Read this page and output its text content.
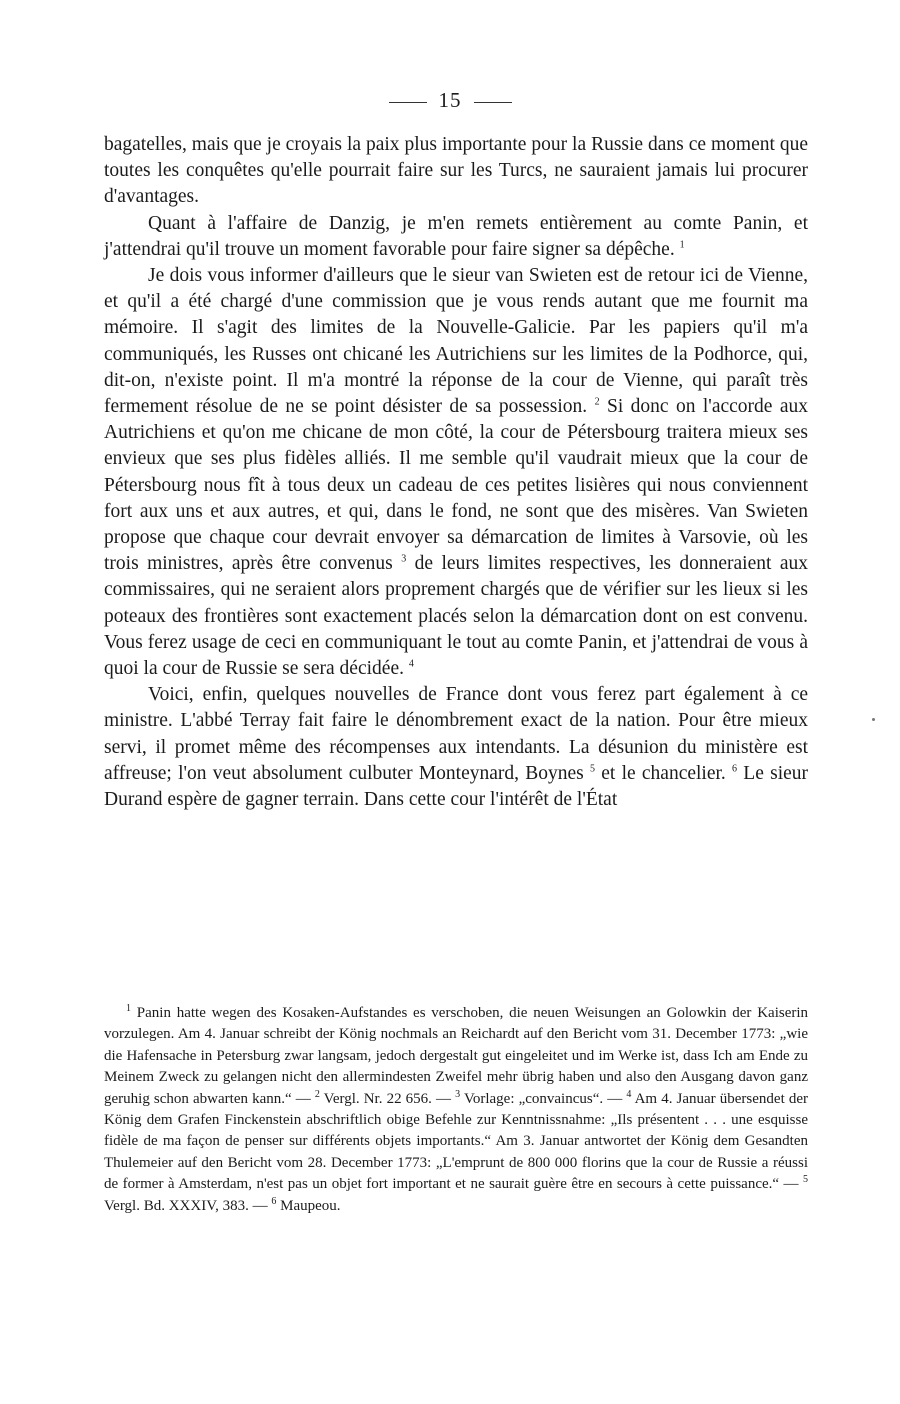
15

bagatelles, mais que je croyais la paix plus importante pour la Russie dans ce moment que toutes les conquêtes qu'elle pourrait faire sur les Turcs, ne sauraient jamais lui procurer d'avantages.

Quant à l'affaire de Danzig, je m'en remets entièrement au comte Panin, et j'attendrai qu'il trouve un moment favorable pour faire signer sa dépêche. $^1$

Je dois vous informer d'ailleurs que le sieur van Swieten est de retour ici de Vienne, et qu'il a été chargé d'une commission que je vous rends autant que me fournit ma mémoire. Il s'agit des limites de la Nouvelle-Galicie. Par les papiers qu'il m'a communiqués, les Russes ont chicané les Autrichiens sur les limites de la Podhorce, qui, dit-on, n'existe point. Il m'a montré la réponse de la cour de Vienne, qui paraît très fermement résolue de ne se point désister de sa possession. $^2$ Si donc on l'accorde aux Autrichiens et qu'on me chicane de mon côté, la cour de Pétersbourg traitera mieux ses envieux que ses plus fidèles alliés. Il me semble qu'il vaudrait mieux que la cour de Pétersbourg nous fît à tous deux un cadeau de ces petites lisières qui nous conviennent fort aux uns et aux autres, et qui, dans le fond, ne sont que des misères. Van Swieten propose que chaque cour devrait envoyer sa démarcation de limites à Varsovie, où les trois ministres, après être convenus $^3$ de leurs limites respectives, les donneraient aux commissaires, qui ne seraient alors proprement chargés que de vérifier sur les lieux si les poteaux des frontières sont exactement placés selon la démarcation dont on est convenu. Vous ferez usage de ceci en communiquant le tout au comte Panin, et j'attendrai de vous à quoi la cour de Russie se sera décidée. $^4$

Voici, enfin, quelques nouvelles de France dont vous ferez part également à ce ministre. L'abbé Terray fait faire le dénombrement exact de la nation. Pour être mieux servi, il promet même des récompenses aux intendants. La désunion du ministère est affreuse; l'on veut absolument culbuter Monteynard, Boynes $^5$ et le chancelier. $^6$ Le sieur Durand espère de gagner terrain. Dans cette cour l'intérêt de l'État

$^1$ Panin hatte wegen des Kosaken-Aufstandes es verschoben, die neuen Weisungen an Golowkin der Kaiserin vorzulegen. Am 4. Januar schreibt der König nochmals an Reichardt auf den Bericht vom 31. December 1773: „wie die Hafensache in Petersburg zwar langsam, jedoch dergestalt gut eingeleitet und im Werke ist, dass Ich am Ende zu Meinem Zweck zu gelangen nicht den allermindesten Zweifel mehr übrig haben und also den Ausgang davon ganz geruhig schon abwarten kann.“ — $^2$ Vergl. Nr. 22 656. — $^3$ Vorlage: „convaincus“. — $^4$ Am 4. Januar übersendet der König dem Grafen Finckenstein abschriftlich obige Befehle zur Kenntnissnahme: „Ils présentent . . . une esquisse fidèle de ma façon de penser sur différents objets importants.“ Am 3. Januar antwortet der König dem Gesandten Thulemeier auf den Bericht vom 28. December 1773: „L'emprunt de 800 000 florins que la cour de Russie a réussi de former à Amsterdam, n'est pas un objet fort important et ne saurait guère être en secours à cette puissance.“ — $^5$ Vergl. Bd. XXXIV, 383. — $^6$ Maupeou.
